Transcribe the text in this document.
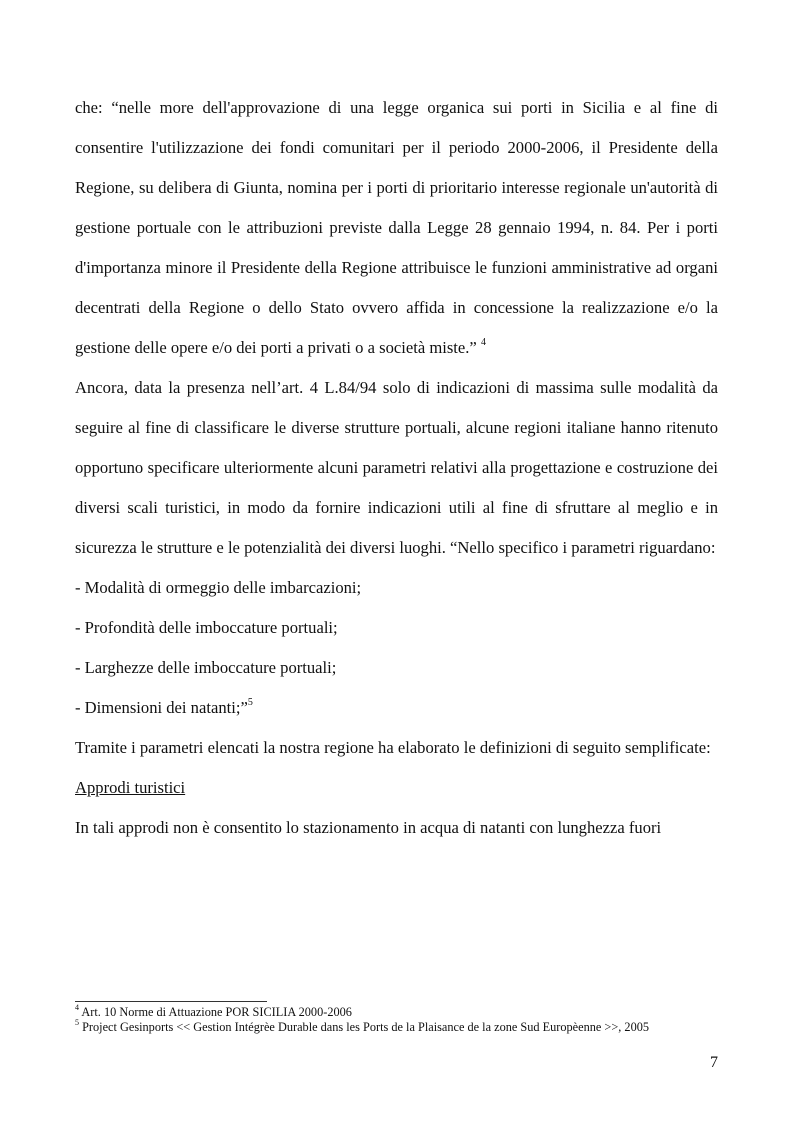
che: “nelle more dell'approvazione di una legge organica sui porti in Sicilia e al fine di consentire l'utilizzazione dei fondi comunitari per il periodo 2000-2006, il Presidente della Regione, su delibera di Giunta, nomina per i porti di prioritario interesse regionale un'autorità di gestione portuale con le attribuzioni previste dalla Legge 28 gennaio 1994, n. 84. Per i porti d'importanza minore il Presidente della Regione attribuisce le funzioni amministrative ad organi decentrati della Regione o dello Stato ovvero affida in concessione la realizzazione e/o la gestione delle opere e/o dei porti a privati o a società miste.” $^4$

Ancora, data la presenza nell’art. 4 L.84/94 solo di indicazioni di massima sulle modalità da seguire al fine di classificare le diverse strutture portuali, alcune regioni italiane hanno ritenuto opportuno specificare ulteriormente alcuni parametri relativi alla progettazione e costruzione dei diversi scali turistici, in modo da fornire indicazioni utili al fine di sfruttare al meglio e in sicurezza le strutture e le potenzialità dei diversi luoghi. “Nello specifico i parametri riguardano:

- Modalità di ormeggio delle imbarcazioni;

- Profondità delle imboccature portuali;

- Larghezze delle imboccature portuali;

- Dimensioni dei natanti;”$^5$

Tramite i parametri elencati la nostra regione ha elaborato le definizioni di seguito semplificate:

Approdi turistici

In tali approdi non è consentito lo stazionamento in acqua di natanti con lunghezza fuori

$^4$ Art. 10 Norme di Attuazione POR SICILIA 2000-2006

$^5$ Project Gesinports << Gestion Intégrèe Durable dans les Ports de la Plaisance de la zone Sud Europèenne >>, 2005

7
